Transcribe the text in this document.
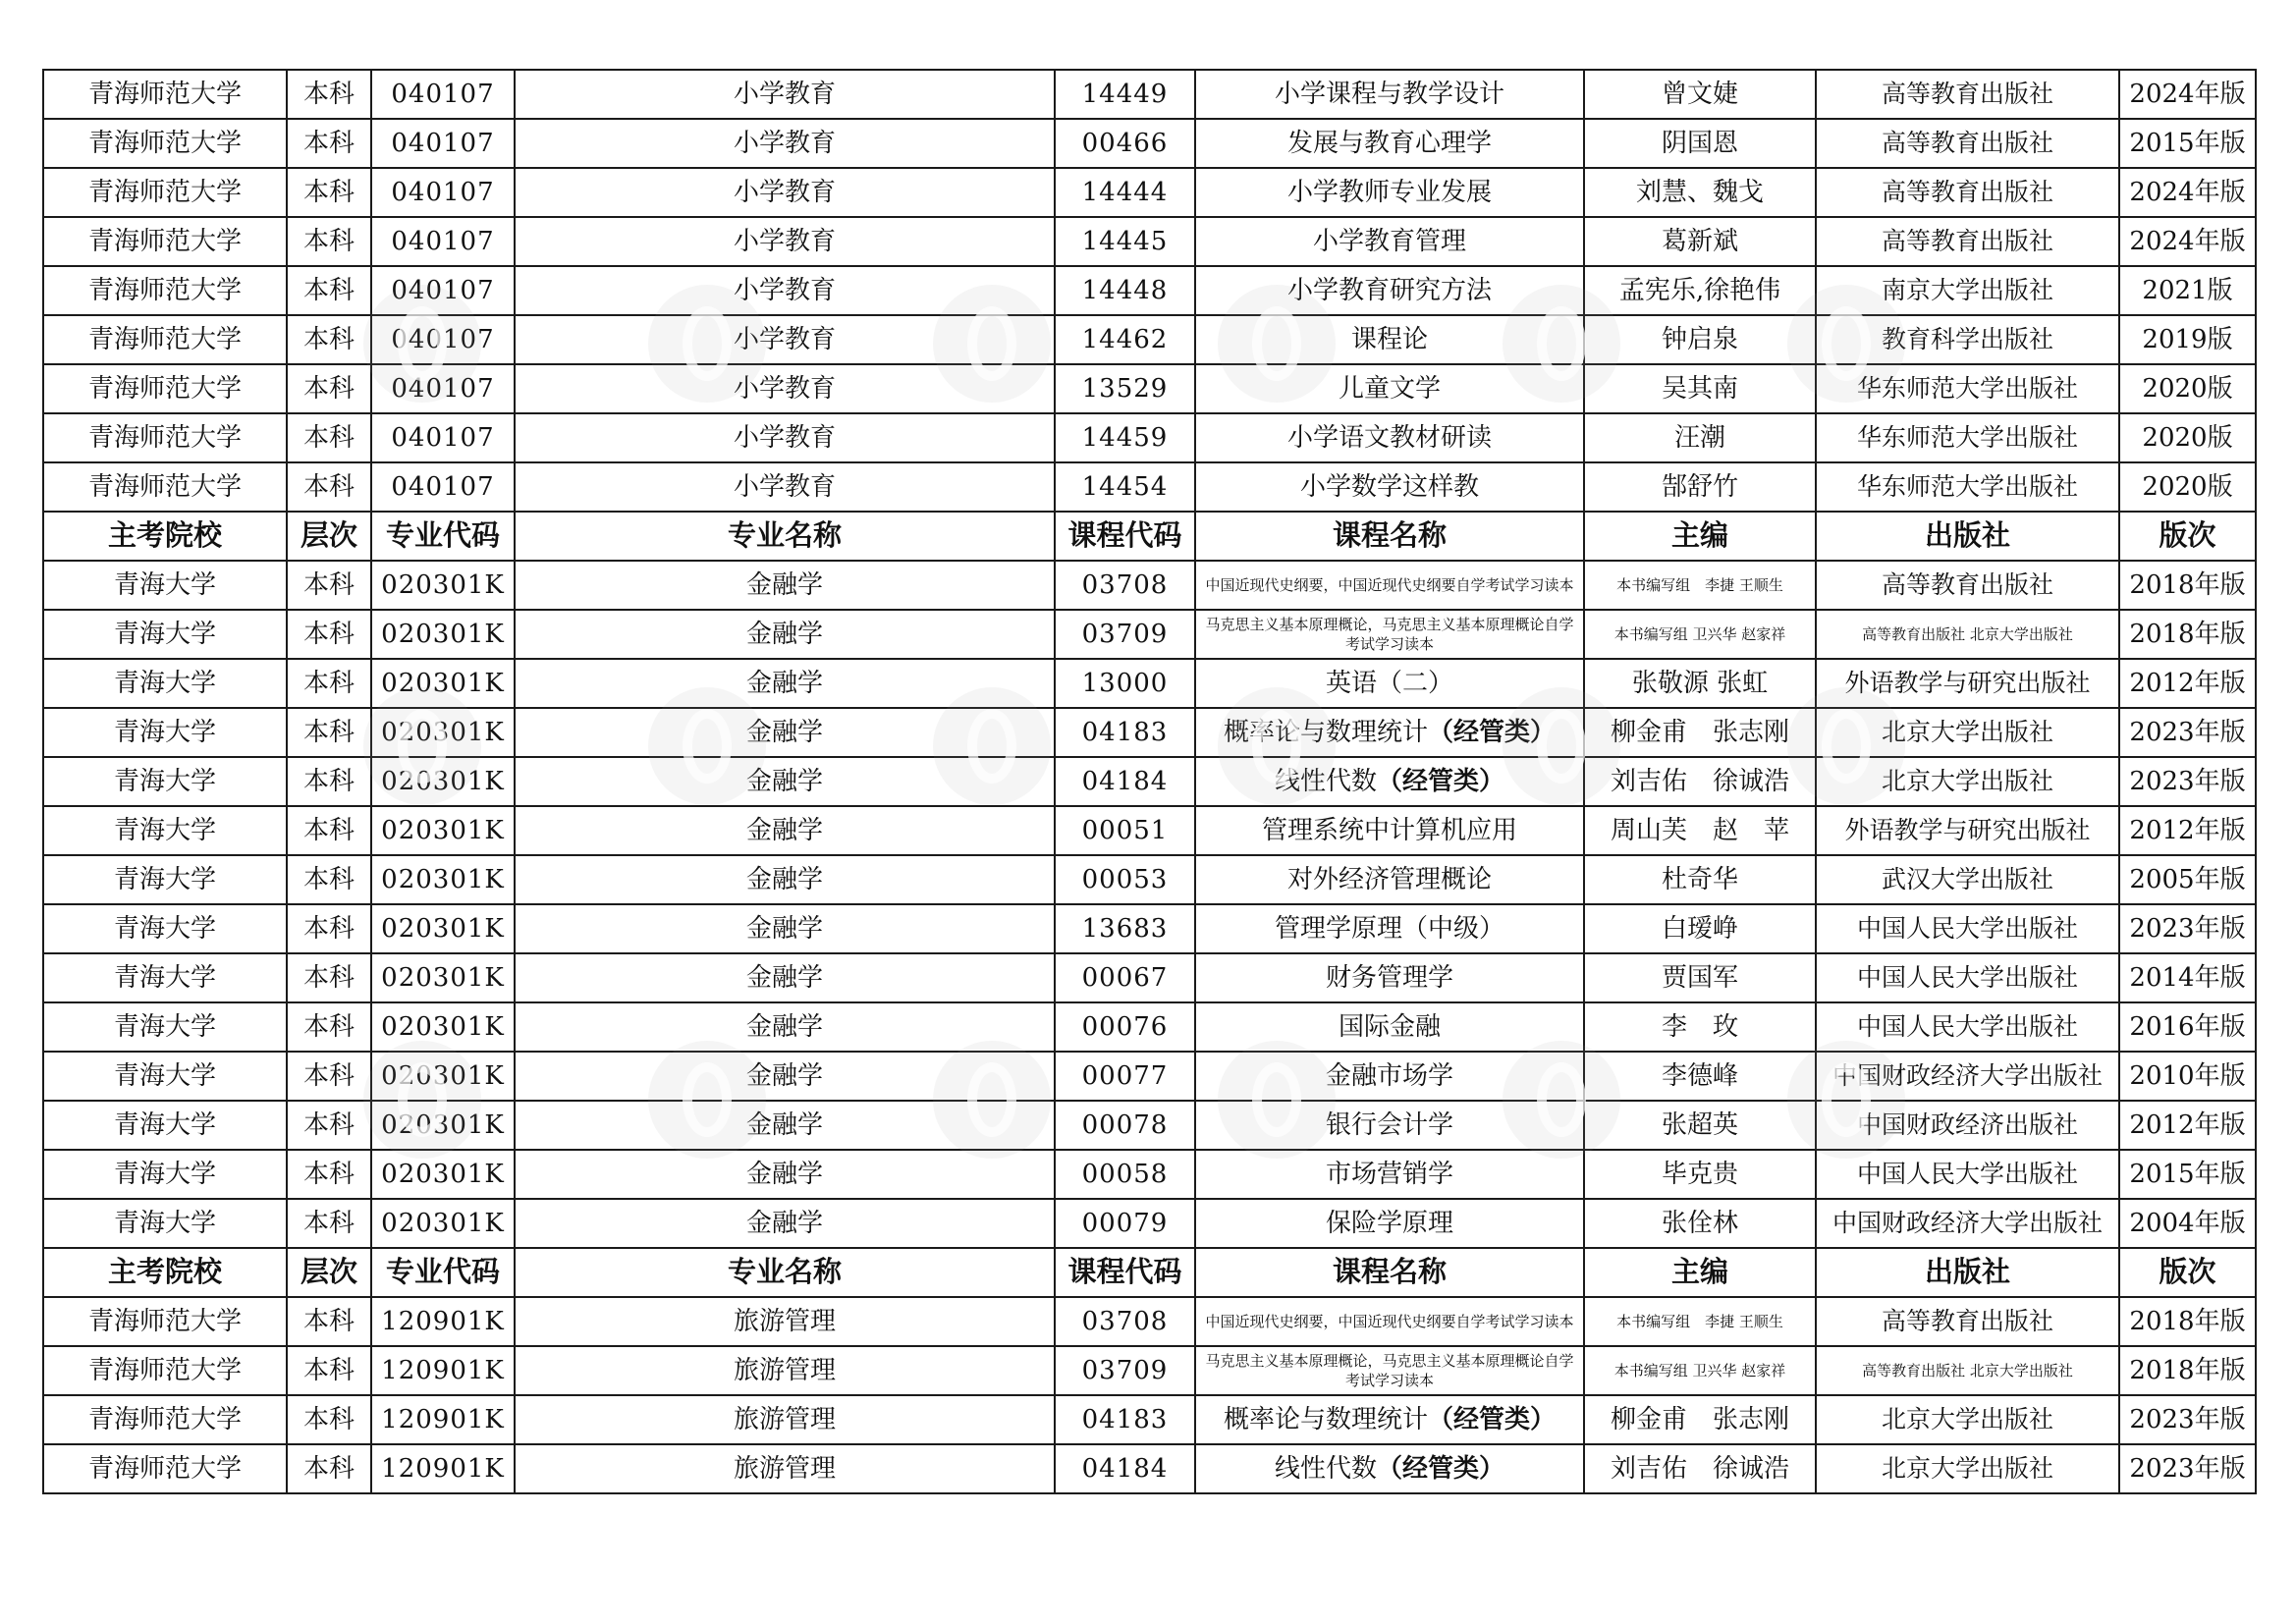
青海师范大学	本科	040107	小学教育	14449	小学课程与教学设计	曾文婕	高等教育出版社	2024年版
青海师范大学	本科	040107	小学教育	00466	发展与教育心理学	阴国恩	高等教育出版社	2015年版
青海师范大学	本科	040107	小学教育	14444	小学教师专业发展	刘慧、魏戈	高等教育出版社	2024年版
青海师范大学	本科	040107	小学教育	14445	小学教育管理	葛新斌	高等教育出版社	2024年版
青海师范大学	本科	040107	小学教育	14448	小学教育研究方法	孟宪乐,徐艳伟	南京大学出版社	2021版
青海师范大学	本科	040107	小学教育	14462	课程论	钟启泉	教育科学出版社	2019版
青海师范大学	本科	040107	小学教育	13529	儿童文学	吴其南	华东师范大学出版社	2020版
青海师范大学	本科	040107	小学教育	14459	小学语文教材研读	汪潮	华东师范大学出版社	2020版
青海师范大学	本科	040107	小学教育	14454	小学数学这样教	郜舒竹	华东师范大学出版社	2020版
主考院校	层次	专业代码	专业名称	课程代码	课程名称	主编	出版社	版次
青海大学	本科	020301K	金融学	03708	中国近现代史纲要，中国近现代史纲要自学考试学习读本	本书编写组　李捷 王顺生	高等教育出版社	2018年版
青海大学	本科	020301K	金融学	03709	马克思主义基本原理概论，马克思主义基本原理概论自学考试学习读本	本书编写组 卫兴华 赵家祥	高等教育出版社 北京大学出版社	2018年版
青海大学	本科	020301K	金融学	13000	英语（二）	张敬源 张虹	外语教学与研究出版社	2012年版
青海大学	本科	020301K	金融学	04183	概率论与数理统计（经管类）	柳金甫　张志刚	北京大学出版社	2023年版
青海大学	本科	020301K	金融学	04184	线性代数（经管类）	刘吉佑　徐诚浩	北京大学出版社	2023年版
青海大学	本科	020301K	金融学	00051	管理系统中计算机应用	周山芙　赵　苹	外语教学与研究出版社	2012年版
青海大学	本科	020301K	金融学	00053	对外经济管理概论	杜奇华	武汉大学出版社	2005年版
青海大学	本科	020301K	金融学	13683	管理学原理（中级）	白瑷峥	中国人民大学出版社	2023年版
青海大学	本科	020301K	金融学	00067	财务管理学	贾国军	中国人民大学出版社	2014年版
青海大学	本科	020301K	金融学	00076	国际金融	李　玫	中国人民大学出版社	2016年版
青海大学	本科	020301K	金融学	00077	金融市场学	李德峰	中国财政经济大学出版社	2010年版
青海大学	本科	020301K	金融学	00078	银行会计学	张超英	中国财政经济出版社	2012年版
青海大学	本科	020301K	金融学	00058	市场营销学	毕克贵	中国人民大学出版社	2015年版
青海大学	本科	020301K	金融学	00079	保险学原理	张佺林	中国财政经济大学出版社	2004年版
主考院校	层次	专业代码	专业名称	课程代码	课程名称	主编	出版社	版次
青海师范大学	本科	120901K	旅游管理	03708	中国近现代史纲要，中国近现代史纲要自学考试学习读本	本书编写组　李捷 王顺生	高等教育出版社	2018年版
青海师范大学	本科	120901K	旅游管理	03709	马克思主义基本原理概论，马克思主义基本原理概论自学考试学习读本	本书编写组 卫兴华 赵家祥	高等教育出版社 北京大学出版社	2018年版
青海师范大学	本科	120901K	旅游管理	04183	概率论与数理统计（经管类）	柳金甫　张志刚	北京大学出版社	2023年版
青海师范大学	本科	120901K	旅游管理	04184	线性代数（经管类）	刘吉佑　徐诚浩	北京大学出版社	2023年版
